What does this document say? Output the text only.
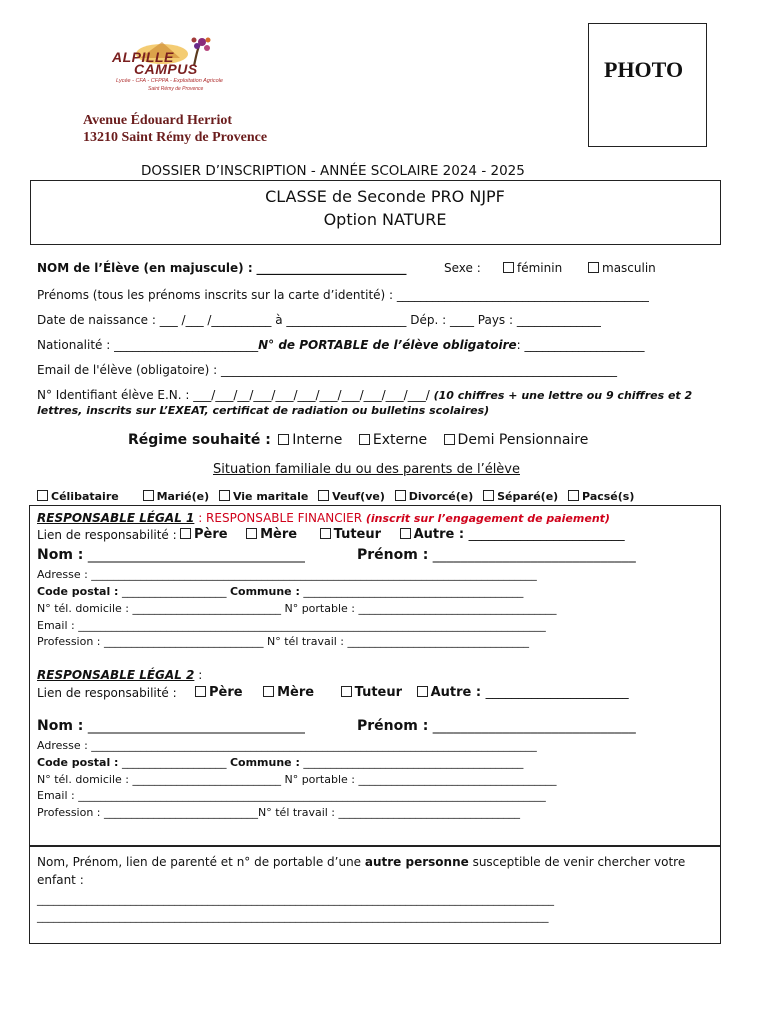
ALPILLE
CAMPUS
Lycée - CFA - CFPPA - Exploitation Agricole
Saint Rémy de Provence
Avenue Édouard Herriot
13210 Saint Rémy de Provence
PHOTO
DOSSIER D’INSCRIPTION - ANNÉE SCOLAIRE 2024 - 2025
CLASSE de Seconde PRO NJPF
Option NATURE
NOM de l’Élève (en majuscule) : _________________________	Sexe :	féminin	masculin
Prénoms (tous les prénoms inscrits sur la carte d’identité) : __________________________________________
Date de naissance : ___ /___ /__________ à ____________________ Dép. : ____ Pays : ______________
Nationalité : ________________________N° de PORTABLE de l’élève obligatoire: ____________________
Email de l'élève (obligatoire) : __________________________________________________________________
N° Identifiant élève E.N. : ___/___/__/___/___/___/___/___/___/___/___/ (10 chiffres + une lettre ou 9 chiffres et 2
lettres, inscrits sur L’EXEAT, certificat de radiation ou bulletins scolaires)
Régime souhaité : Interne Externe Demi Pensionnaire
Situation familiale du ou des parents de l’élève
Célibataire	Marié(e) Vie maritale Veuf(ve) Divorcé(e) Séparé(e) Pacsé(s)
RESPONSABLE LÉGAL 1 : RESPONSABLE FINANCIER (inscrit sur l’engagement de paiement)
Lien de responsabilité :	Père	Mère	Tuteur	Autre : ________________________
Nom : _______________________________	Prénom : _____________________________
Adresse : _________________________________________________________________________________
Code postal : ___________________ Commune : ________________________________________
N° tél. domicile : ___________________________ N° portable : ____________________________________
Email : _____________________________________________________________________________________
Profession : _____________________________ N° tél travail : _________________________________
RESPONSABLE LÉGAL 2 :
Lien de responsabilité :	Père	Mère	Tuteur Autre : ______________________
Nom : _______________________________	Prénom : _____________________________
Adresse : _________________________________________________________________________________
Code postal : ___________________ Commune : ________________________________________
N° tél. domicile : ___________________________ N° portable : ____________________________________
Email : _____________________________________________________________________________________
Profession : ____________________________N° tél travail : _________________________________
Nom, Prénom, lien de parenté et n° de portable d’une autre personne susceptible de venir chercher votre
enfant :
______________________________________________________________________________________________
_____________________________________________________________________________________________
